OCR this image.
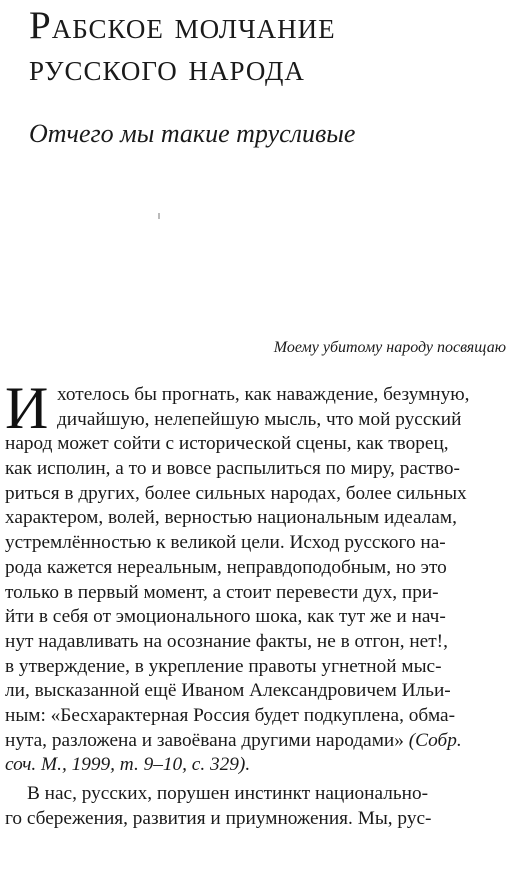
Рабское молчание
русского народа
Отчего мы такие трусливые

Моему убитому народу посвящаю

И хотелось бы прогнать, как наваждение, безумную,
дичайшую, нелепейшую мысль, что мой русский
народ может сойти с исторической сцены, как творец,
как исполин, а то и вовсе распылиться по миру, раство-
риться в других, более сильных народах, более сильных
характером, волей, верностью национальным идеалам,
устремлённостью к великой цели. Исход русского на-
рода кажется нереальным, неправдоподобным, но это
только в первый момент, а стоит перевести дух, при-
йти в себя от эмоционального шока, как тут же и нач-
нут надавливать на осознание факты, не в отгон, нет!,
в утверждение, в укрепление правоты угнетной мыс-
ли, высказанной ещё Иваном Александровичем Ильи-
ным: «Бесхарактерная Россия будет подкуплена, обма-
нута, разложена и завоёвана другими народами» (Собр.
соч. М., 1999, т. 9–10, с. 329).
В нас, русских, порушен инстинкт национально-
го сбережения, развития и приумножения. Мы, рус-
